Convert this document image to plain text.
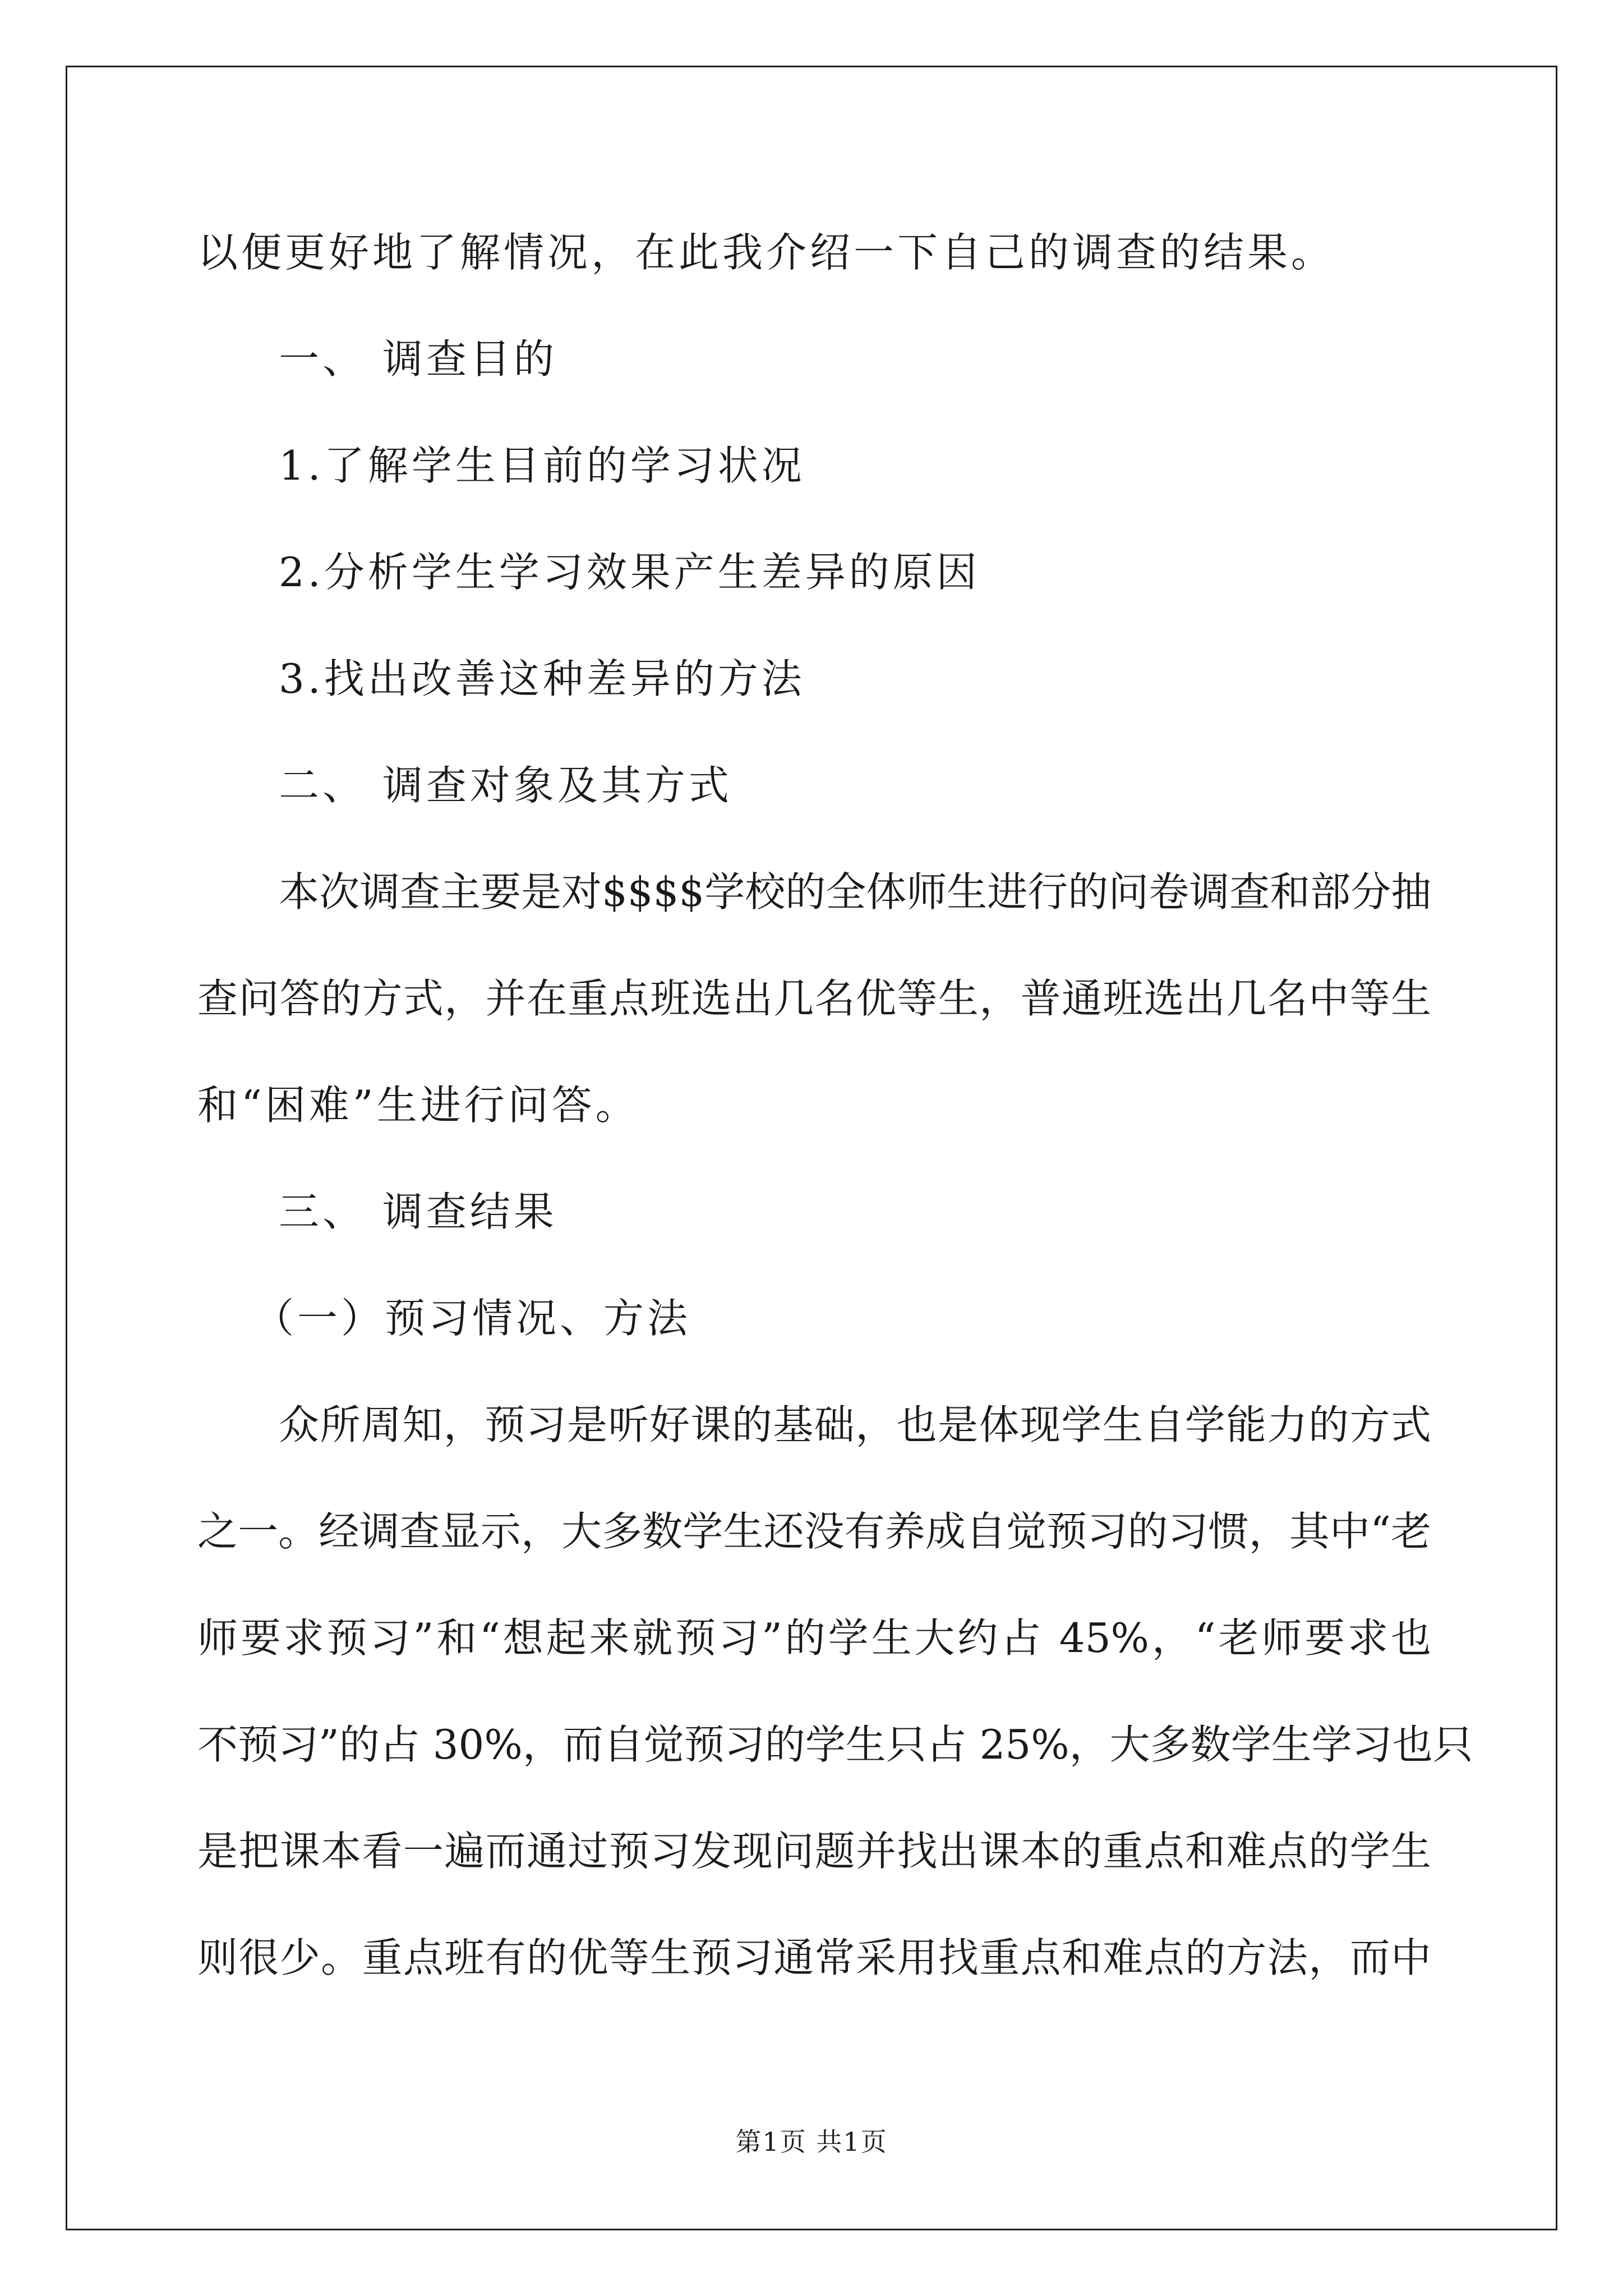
以便更好地了解情况，在此我介绍一下自己的调查的结果。
一、 调查目的
1.了解学生目前的学习状况
2.分析学生学习效果产生差异的原因
3.找出改善这种差异的方法
二、 调查对象及其方式
本次调查主要是对$$$$学校的全体师生进行的问卷调查和部分抽
查问答的方式，并在重点班选出几名优等生，普通班选出几名中等生
和“困难”生进行问答。
三、 调查结果
（一）预习情况、方法
众所周知，预习是听好课的基础，也是体现学生自学能力的方式
之一。经调查显示，大多数学生还没有养成自觉预习的习惯，其中“老
师要求预习”和“想起来就预习”的学生大约占 45%，“老师要求也
不预习”的占 30%，而自觉预习的学生只占 25%，大多数学生学习也只
是把课本看一遍而通过预习发现问题并找出课本的重点和难点的学生
则很少。重点班有的优等生预习通常采用找重点和难点的方法，而中
第1页 共1页
